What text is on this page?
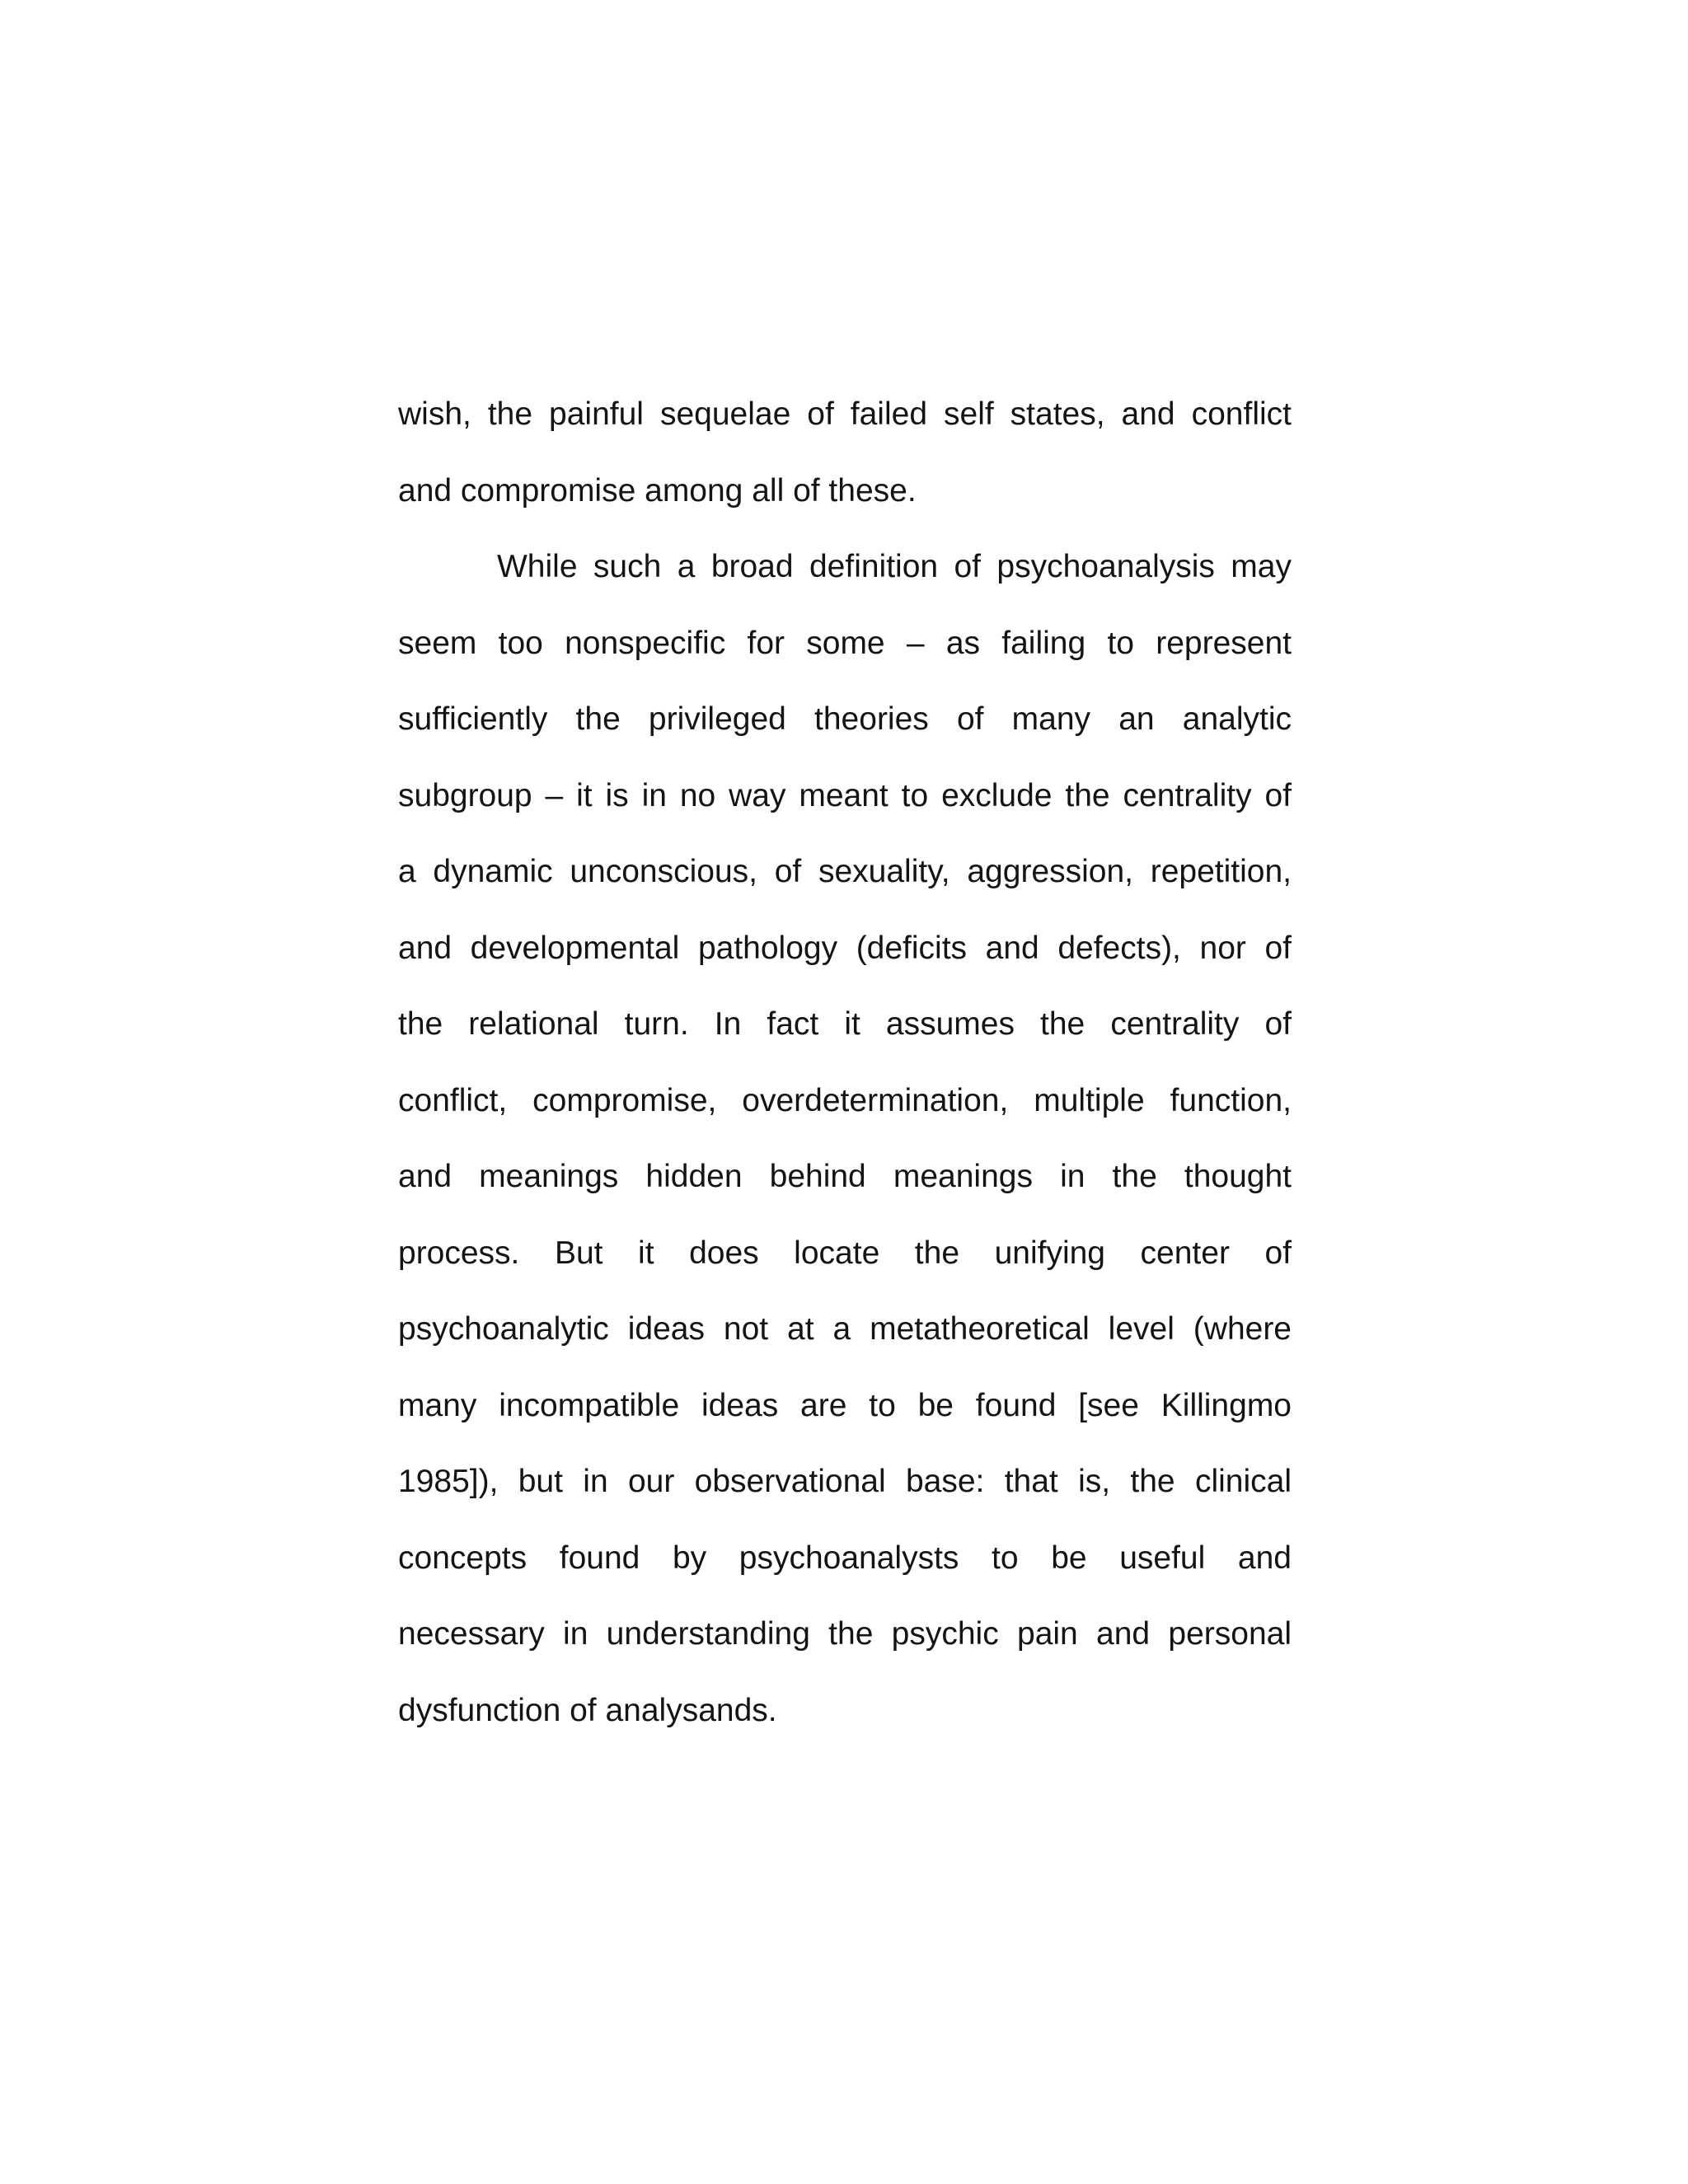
wish, the painful sequelae of failed self states, and conflict
and compromise among all of these.
While such a broad definition of psychoanalysis may
seem too nonspecific for some – as failing to represent
sufficiently the privileged theories of many an analytic
subgroup – it is in no way meant to exclude the centrality of
a dynamic unconscious, of sexuality, aggression, repetition,
and developmental pathology (deficits and defects), nor of
the relational turn. In fact it assumes the centrality of
conflict, compromise, overdetermination, multiple function,
and meanings hidden behind meanings in the thought
process. But it does locate the unifying center of
psychoanalytic ideas not at a metatheoretical level (where
many incompatible ideas are to be found [see Killingmo
1985]), but in our observational base: that is, the clinical
concepts found by psychoanalysts to be useful and
necessary in understanding the psychic pain and personal
dysfunction of analysands.
